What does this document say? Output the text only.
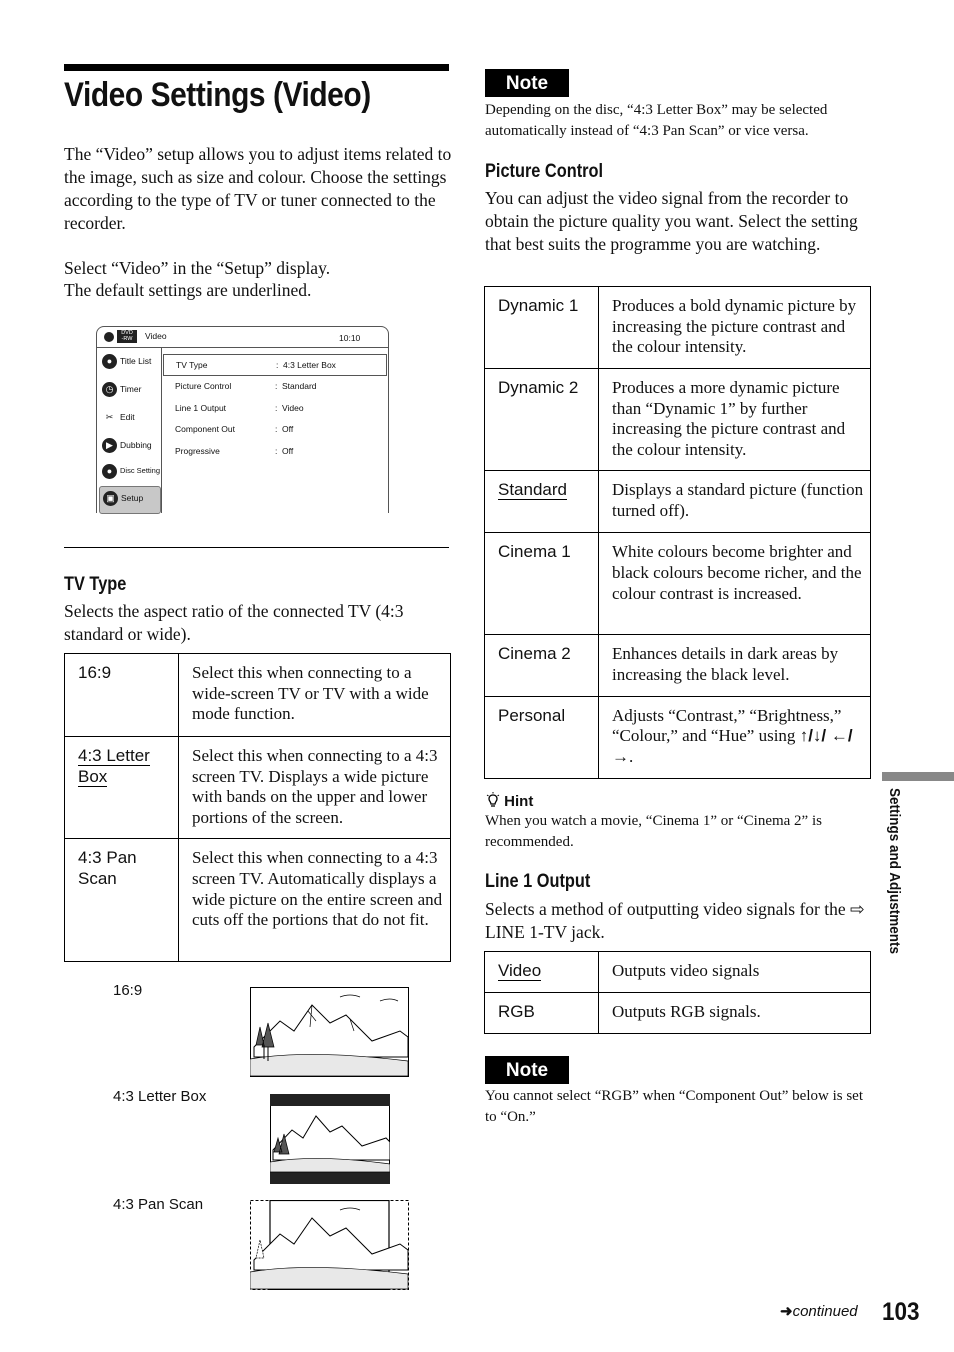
Video Settings (Video)
The “Video” setup allows you to adjust items related to the image, such as size and colour. Choose the settings according to the type of TV or tuner connected to the recorder.
Select “Video” in the “Setup” display.
The default settings are underlined.
DVD
-RW	Video	10:10
● Title List
◷ Timer
✂ Edit
▶ Dubbing
●	Disc Setting
▣ Setup
TV Type	: 4:3 Letter Box
Picture Control	: Standard
Line 1 Output	: Video
Component Out	: Off
Progressive	: Off
TV Type
Selects the aspect ratio of the connected TV (4:3 standard or wide).
16:9	Select this when connecting to a wide-screen TV or TV with a wide mode function.
4:3 Letter Box	Select this when connecting to a 4:3 screen TV. Displays a wide picture with bands on the upper and lower portions of the screen.
4:3 Pan Scan	Select this when connecting to a 4:3 screen TV. Automatically displays a wide picture on the entire screen and cuts off the portions that do not fit.
16:9
4:3 Letter Box
4:3 Pan Scan
Note
Depending on the disc, “4:3 Letter Box” may be selected automatically instead of “4:3 Pan Scan” or vice versa.
Picture Control
You can adjust the video signal from the recorder to obtain the picture quality you want. Select the setting that best suits the programme you are watching.
Dynamic 1	Produces a bold dynamic picture by increasing the picture contrast and the colour intensity.
Dynamic 2	Produces a more dynamic picture than “Dynamic 1” by further increasing the picture contrast and the colour intensity.
Standard	Displays a standard picture (function turned off).
Cinema 1	White colours become brighter and black colours become richer, and the colour contrast is increased.
Cinema 2	Enhances details in dark areas by increasing the black level.
Personal	Adjusts “Contrast,” “Brightness,” “Colour,” and “Hue” using ↑/↓/ ←/→.
Hint
When you watch a movie, “Cinema 1” or “Cinema 2” is recommended.
Line 1 Output
Selects a method of outputting video signals for the ⇨ LINE 1-TV jack.
Video	Outputs video signals
RGB	Outputs RGB signals.
Note
You cannot select “RGB” when “Component Out” below is set to “On.”
Settings and Adjustments
➜continued 103
